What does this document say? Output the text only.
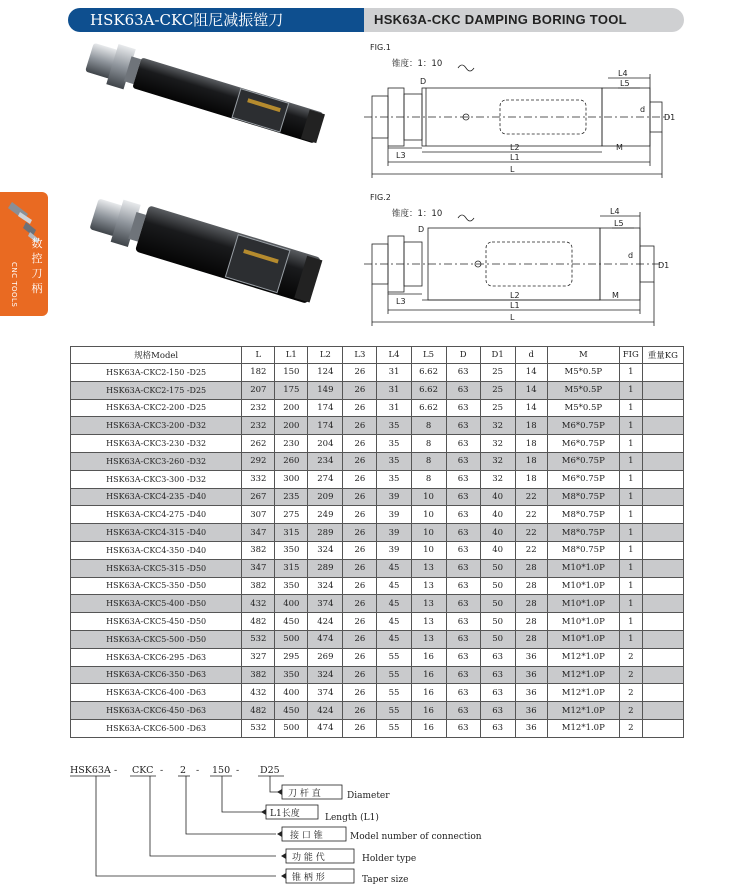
HSK63A-CKC阻尼减振镗刀	HSK63A-CKC DAMPING BORING TOOL
数控刀柄
CNC TOOLS
FIG.1
锥度：1：10
D
L4
L5
d
D1
L3
L2	M
L1
L
FIG.2
锥度：1：10
D
L4
L5
d
D1
L3
L2	M
L1
L
规格Model	L	L1	L2	L3	L4	L5	D	D1	d	M	FIG	重量KG
HSK63A-CKC2-150 -D25	182	150	124	26	31	6.62	63	25	14	M5*0.5P	1	
HSK63A-CKC2-175 -D25	207	175	149	26	31	6.62	63	25	14	M5*0.5P	1	
HSK63A-CKC2-200 -D25	232	200	174	26	31	6.62	63	25	14	M5*0.5P	1	
HSK63A-CKC3-200 -D32	232	200	174	26	35	8	63	32	18	M6*0.75P	1	
HSK63A-CKC3-230 -D32	262	230	204	26	35	8	63	32	18	M6*0.75P	1	
HSK63A-CKC3-260 -D32	292	260	234	26	35	8	63	32	18	M6*0.75P	1	
HSK63A-CKC3-300 -D32	332	300	274	26	35	8	63	32	18	M6*0.75P	1	
HSK63A-CKC4-235 -D40	267	235	209	26	39	10	63	40	22	M8*0.75P	1	
HSK63A-CKC4-275 -D40	307	275	249	26	39	10	63	40	22	M8*0.75P	1	
HSK63A-CKC4-315 -D40	347	315	289	26	39	10	63	40	22	M8*0.75P	1	
HSK63A-CKC4-350 -D40	382	350	324	26	39	10	63	40	22	M8*0.75P	1	
HSK63A-CKC5-315 -D50	347	315	289	26	45	13	63	50	28	M10*1.0P	1	
HSK63A-CKC5-350 -D50	382	350	324	26	45	13	63	50	28	M10*1.0P	1	
HSK63A-CKC5-400 -D50	432	400	374	26	45	13	63	50	28	M10*1.0P	1	
HSK63A-CKC5-450 -D50	482	450	424	26	45	13	63	50	28	M10*1.0P	1	
HSK63A-CKC5-500 -D50	532	500	474	26	45	13	63	50	28	M10*1.0P	1	
HSK63A-CKC6-295 -D63	327	295	269	26	55	16	63	63	36	M12*1.0P	2	
HSK63A-CKC6-350 -D63	382	350	324	26	55	16	63	63	36	M12*1.0P	2	
HSK63A-CKC6-400 -D63	432	400	374	26	55	16	63	63	36	M12*1.0P	2	
HSK63A-CKC6-450 -D63	482	450	424	26	55	16	63	63	36	M12*1.0P	2	
HSK63A-CKC6-500 -D63	532	500	474	26	55	16	63	63	36	M12*1.0P	2	
HSK63A - CKC - 2 - 150 - D25
刀 杆 直	Diameter
L1长度	Length (L1)
接 口 锥	Model number of connection
功 能 代	Holder type
锥 柄 形	Taper size
